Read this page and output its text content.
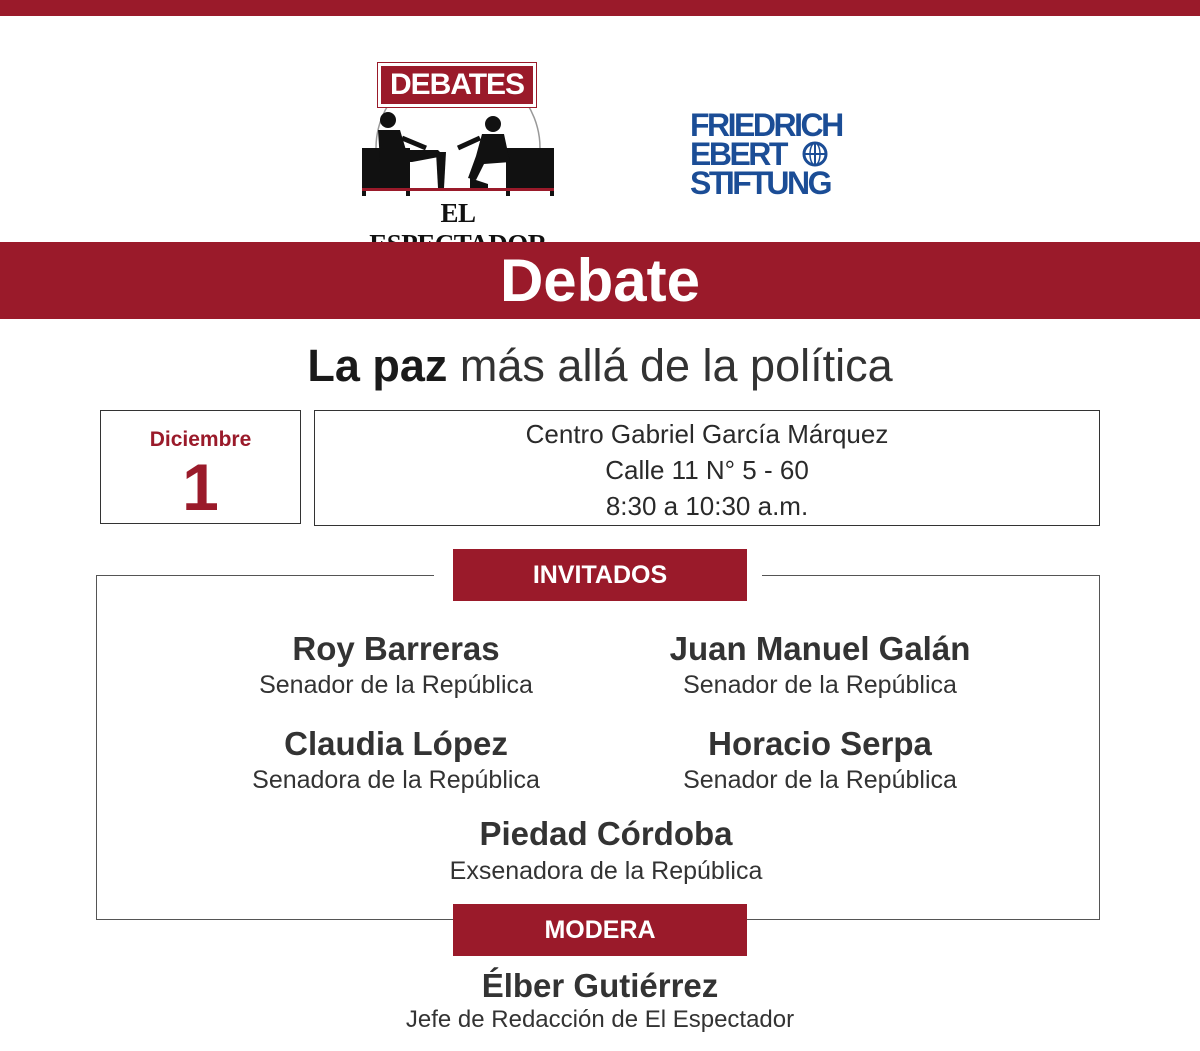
DEBATES
EL
FRIEDRICH
EBERT
STIFTUNG
Debate
La paz más allá de la política
Diciembre
1
Centro Gabriel García Márquez
Calle 11 N° 5 - 60
8:30 a 10:30 a.m.
INVITADOS
Roy Barreras
Senador de la República
Juan Manuel Galán
Senador de la República
Claudia López
Senadora de la República
Horacio Serpa
Senador de la República
Piedad Córdoba
Exsenadora de la República
MODERA
Élber Gutiérrez
Jefe de Redacción de El Espectador
